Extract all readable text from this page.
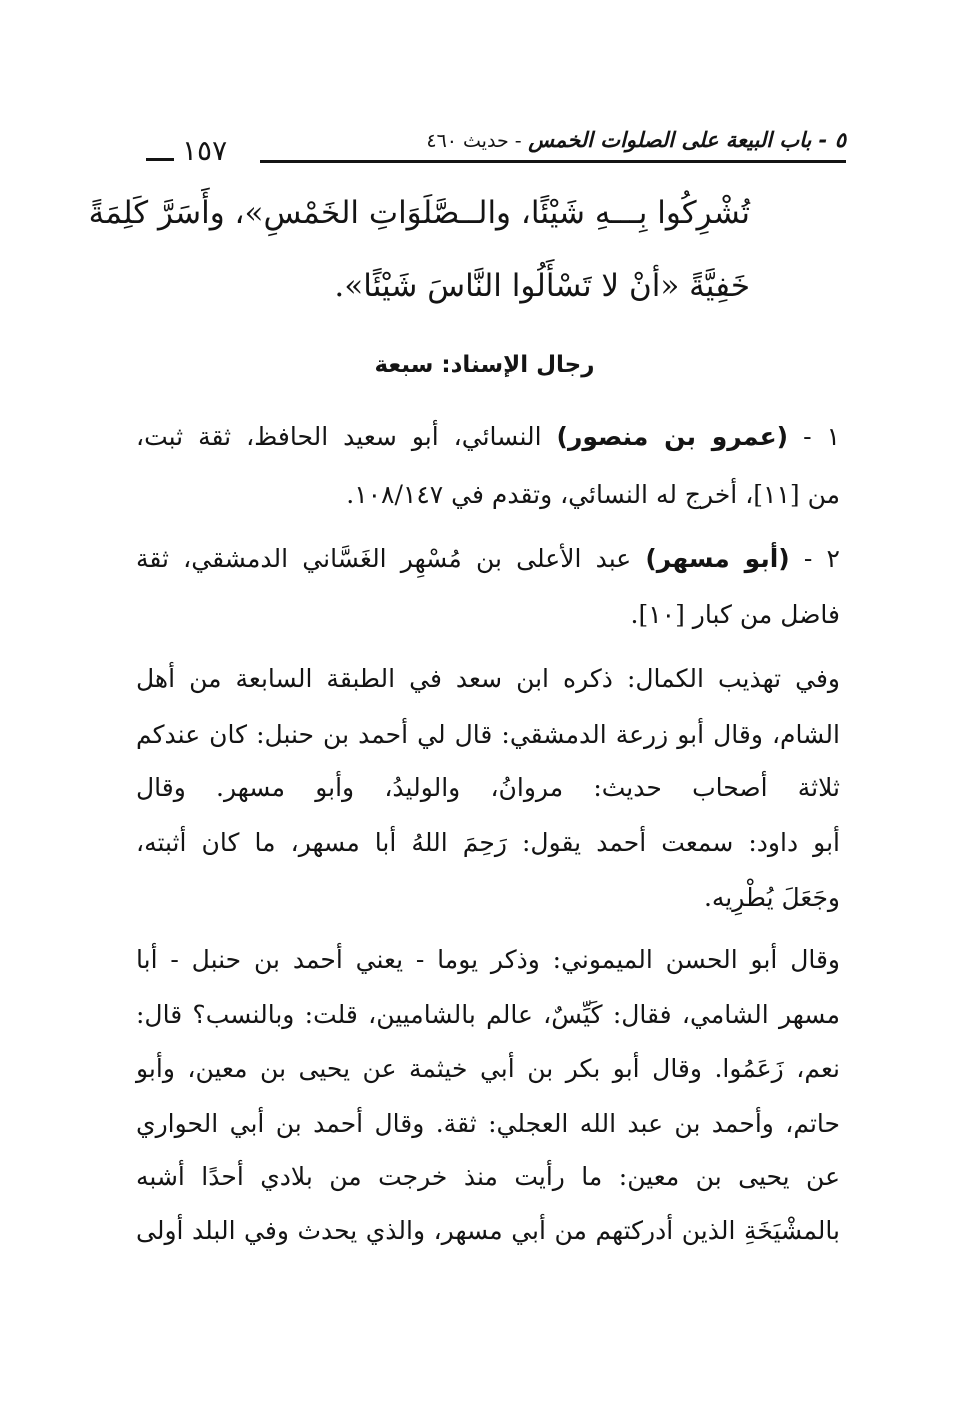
٥ - باب البيعة على الصلوات الخمس - حديث ٤٦٠
١٥٧
تُشْرِكُوا بِـــهِ شَيْئًا، والــصَّلَوَاتِ الخَمْسِ»، وأَسَرَّ كَلِمَةً
خَفِيَّةً «أنْ لا تَسْأَلُوا النَّاسَ شَيْئًا».
رجال الإسناد: سبعة
١ - (عمرو بن منصور) النسائي، أبو سعيد الحافظ، ثقة ثبت،
من [١١]، أخرج له النسائي، وتقدم في ١٠٨/١٤٧.
٢ - (أبو مسهر) عبد الأعلى بن مُسْهِر الغَسَّاني الدمشقي، ثقة
فاضل من كبار [١٠].
وفي تهذيب الكمال: ذكره ابن سعد في الطبقة السابعة من أهل
الشام، وقال أبو زرعة الدمشقي: قال لي أحمد بن حنبل: كان عندكم
ثلاثة أصحاب حديث: مروانُ، والوليدُ، وأبو مسهر. وقال
أبو داود: سمعت أحمد يقول: رَحِمَ اللهُ أبا مسهر، ما كان أثبته،
وجَعَلَ يُطْرِيه.
وقال أبو الحسن الميموني: وذكر يوما - يعني أحمد بن حنبل - أبا
مسهر الشامي، فقال: كَيِّسٌ، عالم بالشاميين، قلت: وبالنسب؟ قال:
نعم، زَعَمُوا. وقال أبو بكر بن أبي خيثمة عن يحيى بن معين، وأبو
حاتم، وأحمد بن عبد الله العجلي: ثقة. وقال أحمد بن أبي الحواري
عن يحيى بن معين: ما رأيت منذ خرجت من بلادي أحدًا أشبه
بالمشْيَخَةِ الذين أدركتهم من أبي مسهر، والذي يحدث وفي البلد أولى
